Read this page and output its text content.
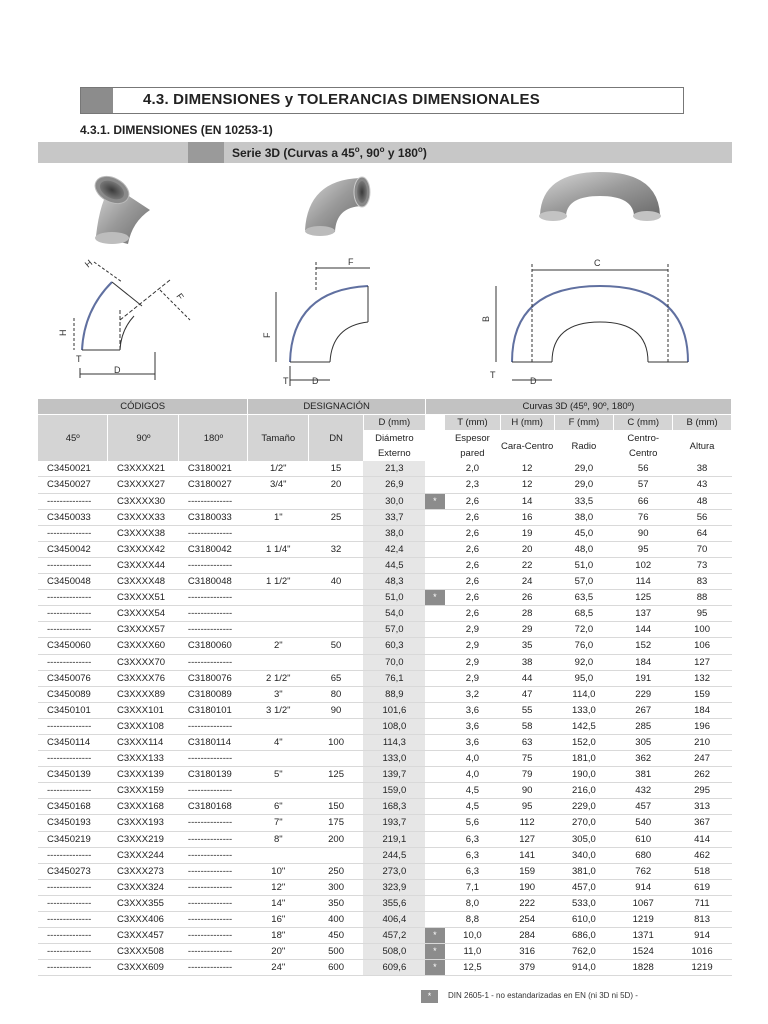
4.3. DIMENSIONES y TOLERANCIAS DIMENSIONALES
4.3.1. DIMENSIONES (EN 10253-1)
Serie 3D (Curvas a 45$^o$, 90$^o$ y 180$^o$)
H
F
H
T
D
F
F
T	D
C
B
T
D
CÓDIGOS			DESIGNACIÓN			Curvas 3D (45º, 90º, 180º)					
45º	90º	180º	Tamaño	DN	D (mm)		T (mm)	H (mm)	F (mm)	C (mm)	B (mm)
					Diámetro Externo		Espesor pared	Cara-Centro	Radio	Centro-Centro	Altura
C3450021	C3XXXX21	C3180021	1/2"	15	21,3		2,0	12	29,0	56	38
C3450027	C3XXXX27	C3180027	3/4"	20	26,9		2,3	12	29,0	57	43
--------------	C3XXXX30	--------------			30,0	*	2,6	14	33,5	66	48
C3450033	C3XXXX33	C3180033	1"	25	33,7		2,6	16	38,0	76	56
--------------	C3XXXX38	--------------			38,0		2,6	19	45,0	90	64
C3450042	C3XXXX42	C3180042	1 1/4"	32	42,4		2,6	20	48,0	95	70
--------------	C3XXXX44	--------------			44,5		2,6	22	51,0	102	73
C3450048	C3XXXX48	C3180048	1 1/2"	40	48,3		2,6	24	57,0	114	83
--------------	C3XXXX51	--------------			51,0	*	2,6	26	63,5	125	88
--------------	C3XXXX54	--------------			54,0		2,6	28	68,5	137	95
--------------	C3XXXX57	--------------			57,0		2,9	29	72,0	144	100
C3450060	C3XXXX60	C3180060	2"	50	60,3		2,9	35	76,0	152	106
--------------	C3XXXX70	--------------			70,0		2,9	38	92,0	184	127
C3450076	C3XXXX76	C3180076	2 1/2"	65	76,1		2,9	44	95,0	191	132
C3450089	C3XXXX89	C3180089	3"	80	88,9		3,2	47	114,0	229	159
C3450101	C3XXX101	C3180101	3 1/2"	90	101,6		3,6	55	133,0	267	184
--------------	C3XXX108	--------------			108,0		3,6	58	142,5	285	196
C3450114	C3XXX114	C3180114	4"	100	114,3		3,6	63	152,0	305	210
--------------	C3XXX133	--------------			133,0		4,0	75	181,0	362	247
C3450139	C3XXX139	C3180139	5"	125	139,7		4,0	79	190,0	381	262
--------------	C3XXX159	--------------			159,0		4,5	90	216,0	432	295
C3450168	C3XXX168	C3180168	6"	150	168,3		4,5	95	229,0	457	313
C3450193	C3XXX193	--------------	7"	175	193,7		5,6	112	270,0	540	367
C3450219	C3XXX219	--------------	8"	200	219,1		6,3	127	305,0	610	414
--------------	C3XXX244	--------------			244,5		6,3	141	340,0	680	462
C3450273	C3XXX273	--------------	10"	250	273,0		6,3	159	381,0	762	518
--------------	C3XXX324	--------------	12"	300	323,9		7,1	190	457,0	914	619
--------------	C3XXX355	--------------	14"	350	355,6		8,0	222	533,0	1067	711
--------------	C3XXX406	--------------	16"	400	406,4		8,8	254	610,0	1219	813
--------------	C3XXX457	--------------	18"	450	457,2	*	10,0	284	686,0	1371	914
--------------	C3XXX508	--------------	20"	500	508,0	*	11,0	316	762,0	1524	1016
--------------	C3XXX609	--------------	24"	600	609,6	*	12,5	379	914,0	1828	1219
*	DIN 2605-1 - no estandarizadas en EN (ni 3D ni 5D) -
